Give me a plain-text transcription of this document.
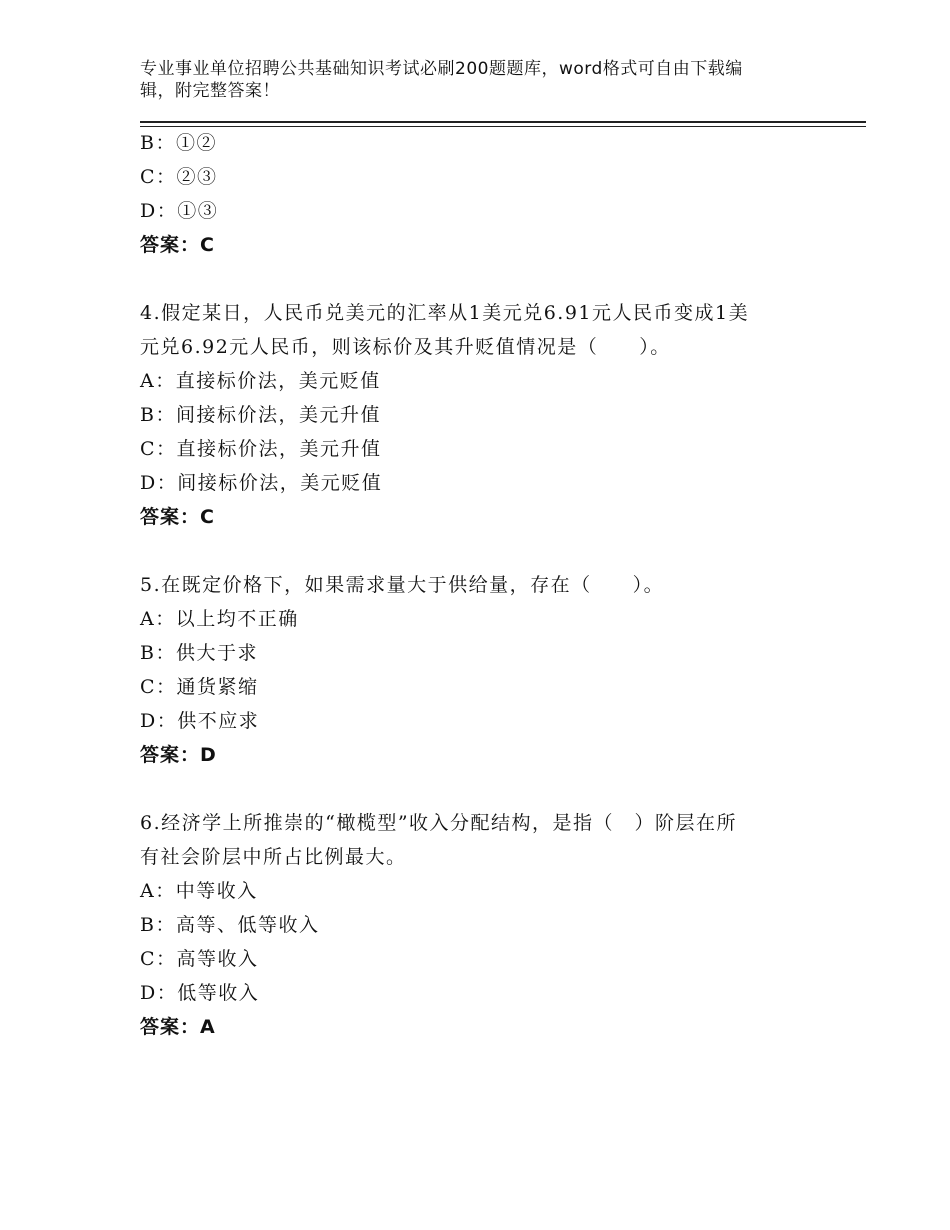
专业事业单位招聘公共基础知识考试必刷200题题库，word格式可自由下载编
辑，附完整答案！
B：①②
C：②③
D：①③
答案：C
4.假定某日，人民币兑美元的汇率从1美元兑6.91元人民币变成1美
元兑6.92元人民币，则该标价及其升贬值情况是（　　）。
A：直接标价法，美元贬值
B：间接标价法，美元升值
C：直接标价法，美元升值
D：间接标价法，美元贬值
答案：C
5.在既定价格下，如果需求量大于供给量，存在（　　）。
A：以上均不正确
B：供大于求
C：通货紧缩
D：供不应求
答案：D
6.经济学上所推崇的“橄榄型”收入分配结构，是指（　）阶层在所
有社会阶层中所占比例最大。
A：中等收入
B：高等、低等收入
C：高等收入
D：低等收入
答案：A
